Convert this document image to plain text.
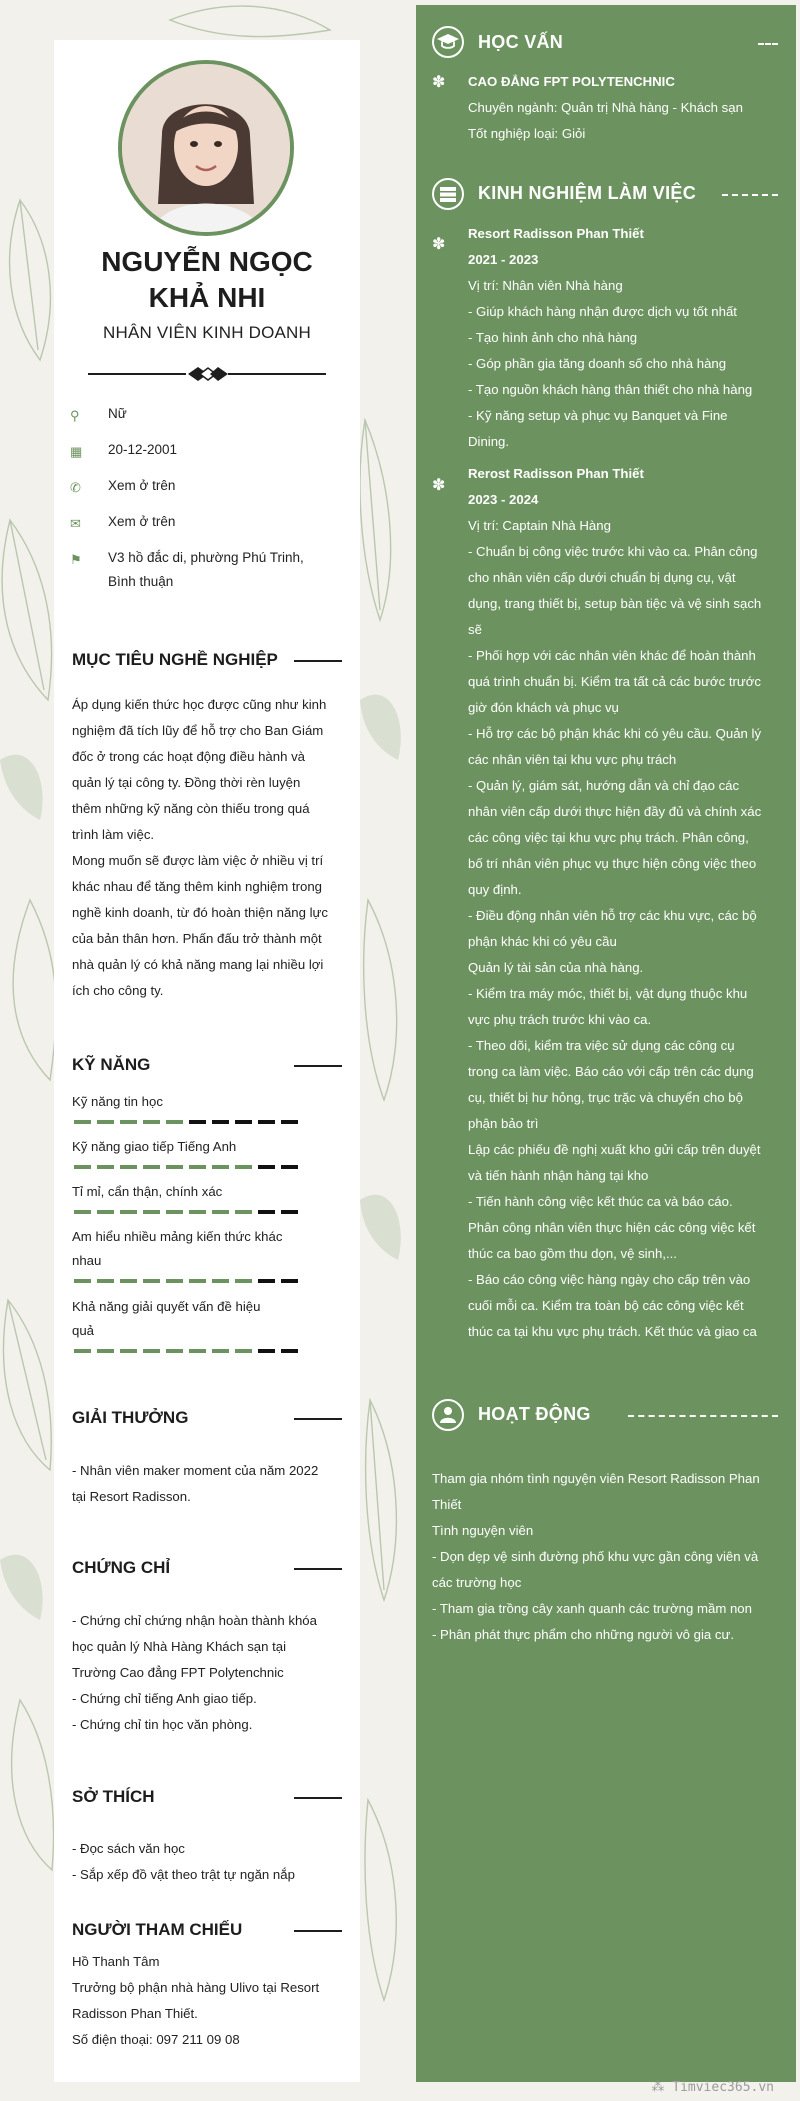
NGUYỄN NGỌC
KHẢ NHI
NHÂN VIÊN KINH DOANH
⚲	Nữ
▦ 20-12-2001
✆	Xem ở trên
✉	Xem ở trên
⚑	V3 hồ đắc di, phường Phú Trinh,
Bình thuận
MỤC TIÊU NGHỀ NGHIỆP
Áp dụng kiến thức học được cũng như kinh
nghiệm đã tích lũy để hỗ trợ cho Ban Giám
đốc ở trong các hoạt động điều hành và
quản lý tại công ty. Đồng thời rèn luyện
thêm những kỹ năng còn thiếu trong quá
trình làm việc.
Mong muốn sẽ được làm việc ở nhiều vị trí
khác nhau để tăng thêm kinh nghiệm trong
nghề kinh doanh, từ đó hoàn thiện năng lực
của bản thân hơn. Phấn đấu trở thành một
nhà quản lý có khả năng mang lại nhiều lợi
ích cho công ty.
KỸ NĂNG
Kỹ năng tin học
Kỹ năng giao tiếp Tiếng Anh
Tỉ mỉ, cẩn thận, chính xác
Am hiểu nhiều mảng kiến thức khác
nhau
Khả năng giải quyết vấn đề hiệu
quả
GIẢI THƯỞNG
- Nhân viên maker moment của năm 2022
tại Resort Radisson.
CHỨNG CHỈ
- Chứng chỉ chứng nhận hoàn thành khóa
học quản lý Nhà Hàng Khách sạn tại
Trường Cao đẳng FPT Polytenchnic
- Chứng chỉ tiếng Anh giao tiếp.
- Chứng chỉ tin học văn phòng.
SỞ THÍCH
- Đọc sách văn học
- Sắp xếp đồ vật theo trật tự ngăn nắp
NGƯỜI THAM CHIẾU
Hồ Thanh Tâm
Trưởng bộ phận nhà hàng Ulivo tại Resort
Radisson Phan Thiết.
Số điện thoại: 097 211 09 08
HỌC VẤN
✽ CAO ĐẲNG FPT POLYTENCHNIC
Chuyên ngành: Quản trị Nhà hàng - Khách sạn
Tốt nghiệp loại: Giỏi
KINH NGHIỆM LÀM VIỆC
✽
Resort Radisson Phan Thiết
2021 - 2023
Vị trí: Nhân viên Nhà hàng
- Giúp khách hàng nhận được dịch vụ tốt nhất
- Tạo hình ảnh cho nhà hàng
- Góp phần gia tăng doanh số cho nhà hàng
- Tạo nguồn khách hàng thân thiết cho nhà hàng
- Kỹ năng setup và phục vụ Banquet và Fine
Dining.
✽
Rerost Radisson Phan Thiết
2023 - 2024
Vị trí: Captain Nhà Hàng
- Chuẩn bị công việc trước khi vào ca. Phân công
cho nhân viên cấp dưới chuẩn bị dụng cụ, vật
dụng, trang thiết bị, setup bàn tiệc và vệ sinh sạch
sẽ
- Phối hợp với các nhân viên khác để hoàn thành
quá trình chuẩn bị. Kiểm tra tất cả các bước trước
giờ đón khách và phục vụ
- Hỗ trợ các bộ phận khác khi có yêu cầu. Quản lý
các nhân viên tại khu vực phụ trách
- Quản lý, giám sát, hướng dẫn và chỉ đạo các
nhân viên cấp dưới thực hiện đầy đủ và chính xác
các công việc tại khu vực phụ trách. Phân công,
bố trí nhân viên phục vụ thực hiện công việc theo
quy định.
- Điều động nhân viên hỗ trợ các khu vực, các bộ
phận khác khi có yêu cầu
Quản lý tài sản của nhà hàng.
- Kiểm tra máy móc, thiết bị, vật dụng thuộc khu
vực phụ trách trước khi vào ca.
- Theo dõi, kiểm tra việc sử dụng các công cụ
trong ca làm việc. Báo cáo với cấp trên các dụng
cụ, thiết bị hư hỏng, trục trặc và chuyển cho bộ
phận bảo trì
Lập các phiếu đề nghị xuất kho gửi cấp trên duyệt
và tiến hành nhận hàng tại kho
- Tiến hành công việc kết thúc ca và báo cáo.
Phân công nhân viên thực hiện các công việc kết
thúc ca bao gồm thu dọn, vệ sinh,...
- Báo cáo công việc hàng ngày cho cấp trên vào
cuối mỗi ca. Kiểm tra toàn bộ các công việc kết
thúc ca tại khu vực phụ trách. Kết thúc và giao ca
HOẠT ĐỘNG
Tham gia nhóm tình nguyện viên Resort Radisson Phan
Thiết
Tình nguyện viên
- Dọn dẹp vệ sinh đường phố khu vực gần công viên và
các trường học
- Tham gia trồng cây xanh quanh các trường mầm non
- Phân phát thực phẩm cho những người vô gia cư.
⁂ Timviec365.vn
